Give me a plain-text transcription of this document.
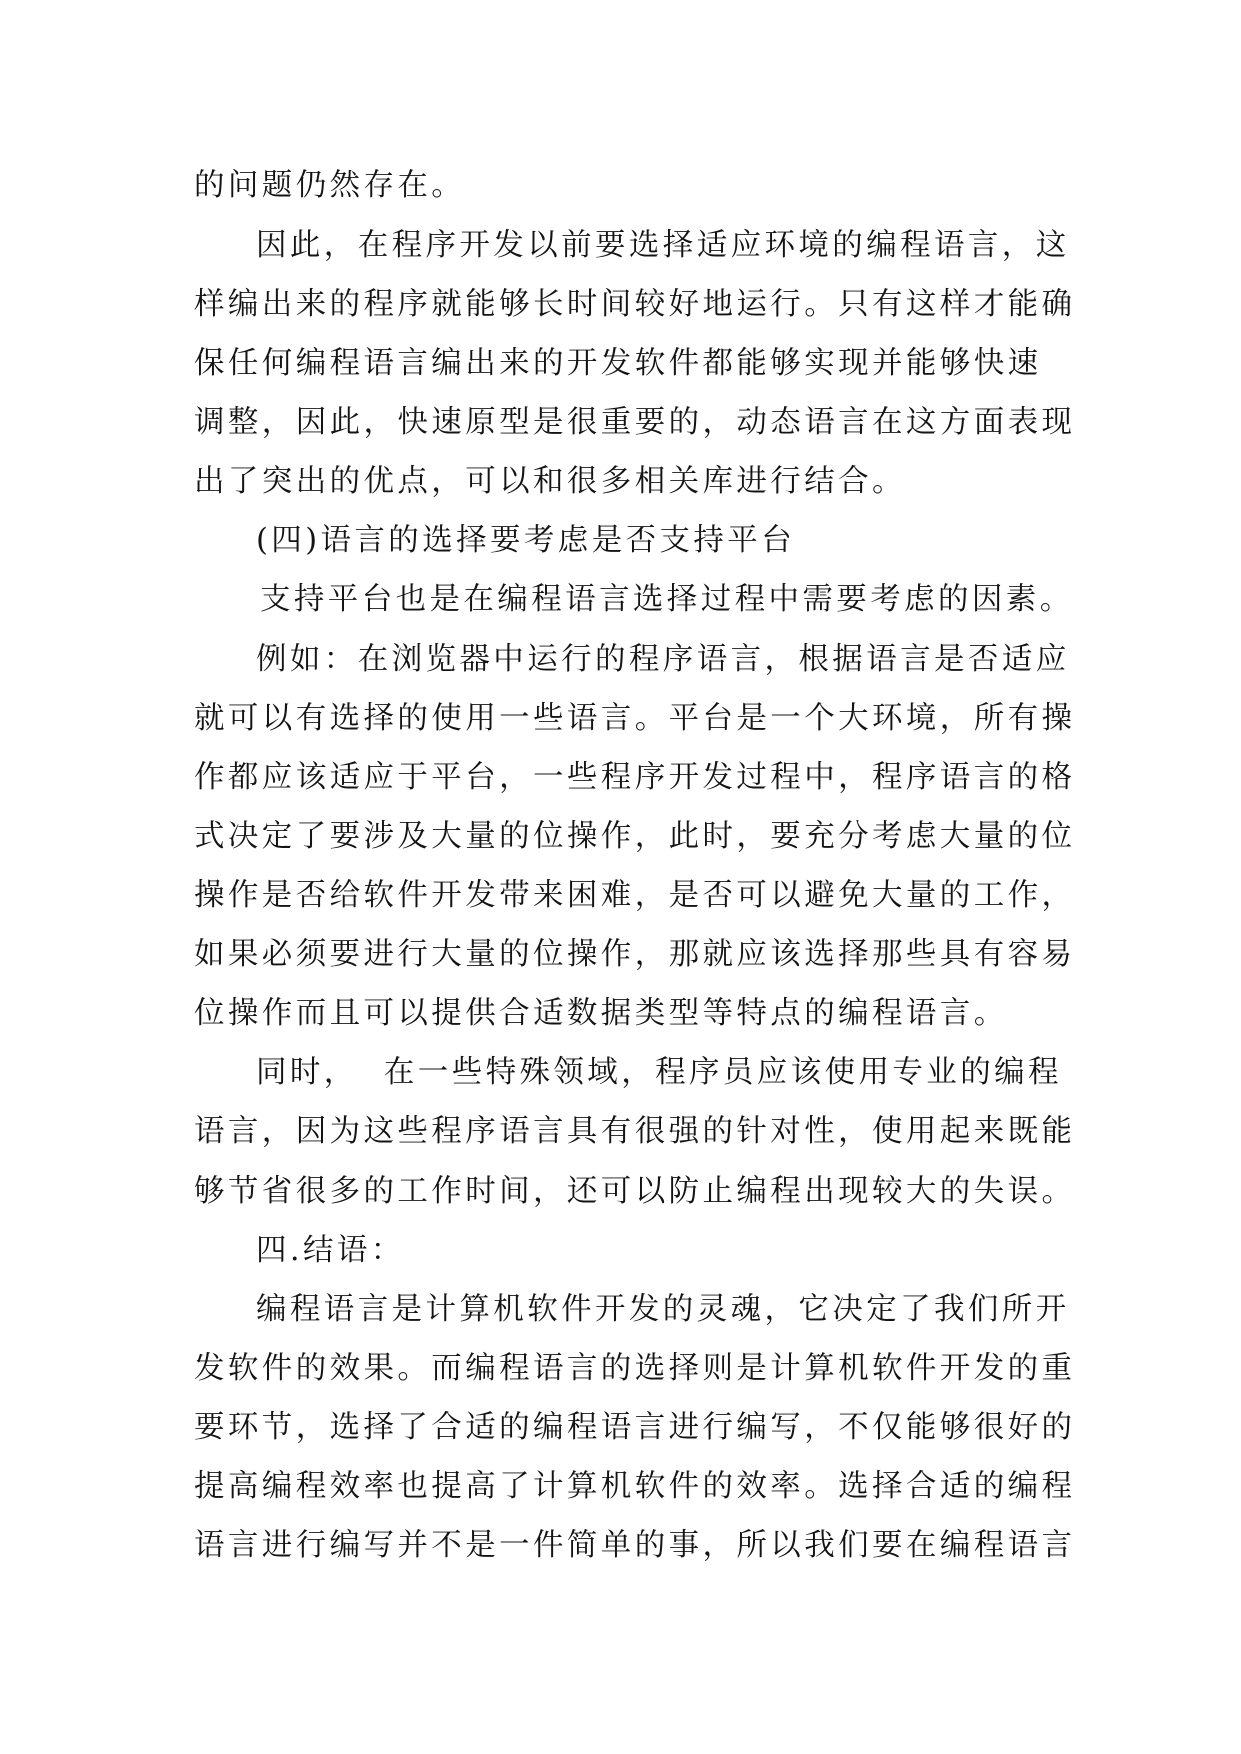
的问题仍然存在。
因此，在程序开发以前要选择适应环境的编程语言，这
样编出来的程序就能够长时间较好地运行。只有这样才能确
保任何编程语言编出来的开发软件都能够实现并能够快速
调整，因此，快速原型是很重要的，动态语言在这方面表现
出了突出的优点，可以和很多相关库进行结合。
(四)语言的选择要考虑是否支持平台
支持平台也是在编程语言选择过程中需要考虑的因素。
例如：在浏览器中运行的程序语言，根据语言是否适应
就可以有选择的使用一些语言。平台是一个大环境，所有操
作都应该适应于平台，一些程序开发过程中，程序语言的格
式决定了要涉及大量的位操作，此时，要充分考虑大量的位
操作是否给软件开发带来困难，是否可以避免大量的工作，
如果必须要进行大量的位操作，那就应该选择那些具有容易
位操作而且可以提供合适数据类型等特点的编程语言。
同时，  在一些特殊领域，程序员应该使用专业的编程
语言，因为这些程序语言具有很强的针对性，使用起来既能
够节省很多的工作时间，还可以防止编程出现较大的失误。
四.结语：
编程语言是计算机软件开发的灵魂，它决定了我们所开
发软件的效果。而编程语言的选择则是计算机软件开发的重
要环节，选择了合适的编程语言进行编写，不仅能够很好的
提高编程效率也提高了计算机软件的效率。选择合适的编程
语言进行编写并不是一件简单的事，所以我们要在编程语言
